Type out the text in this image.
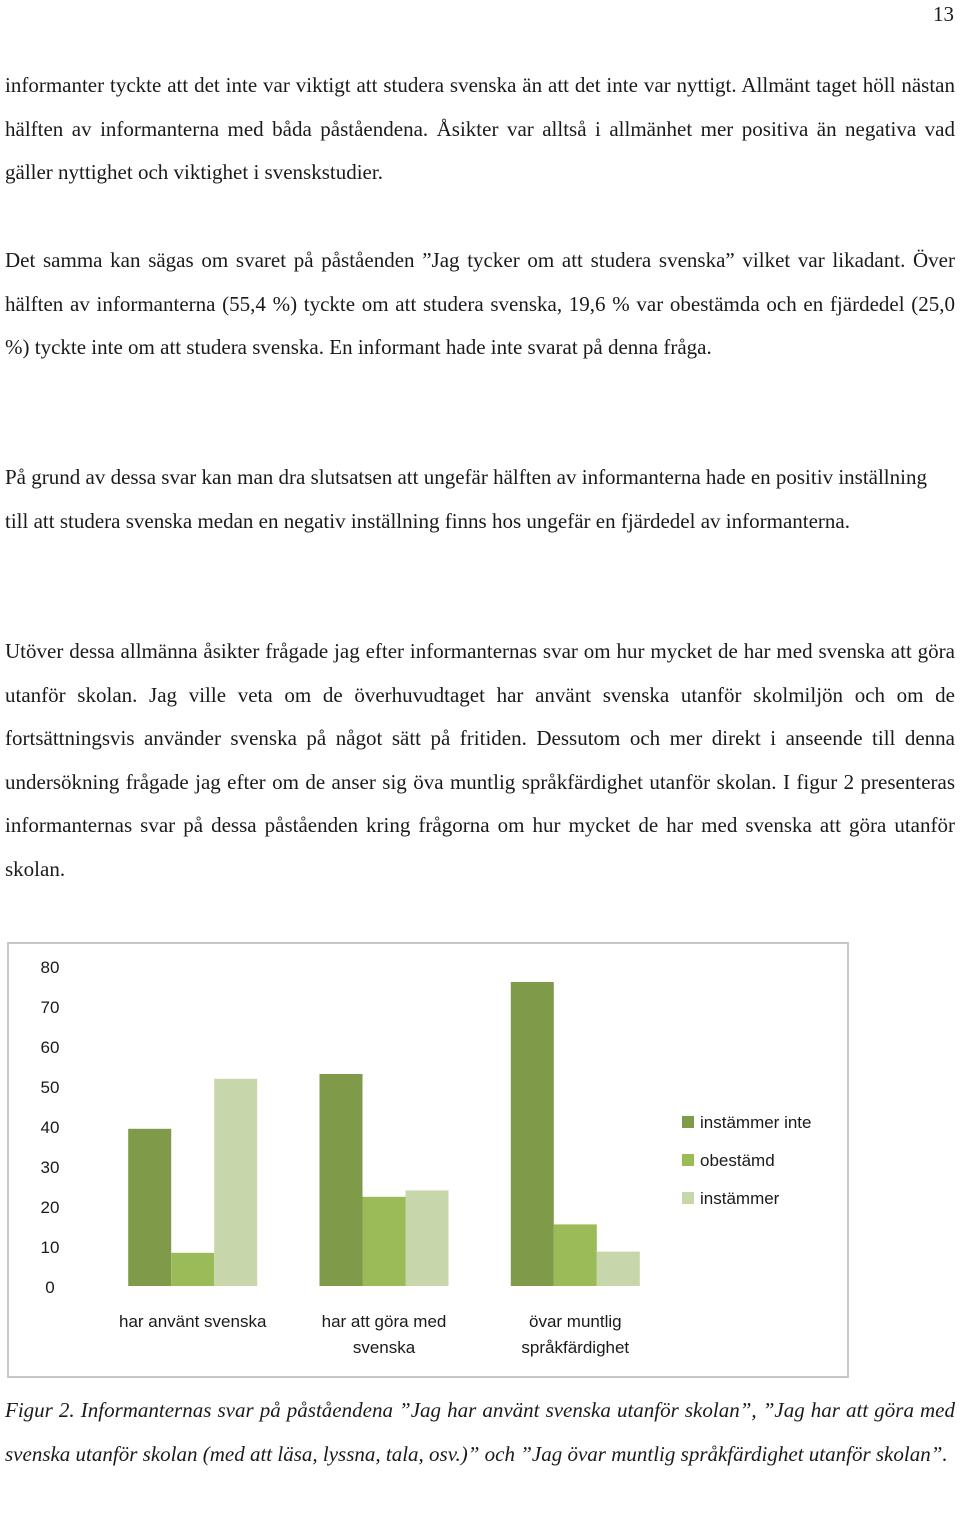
13

informanter tyckte att det inte var viktigt att studera svenska än att det inte var nyttigt. Allmänt taget höll nästan hälften av informanterna med båda påståendena. Åsikter var alltså i allmänhet mer positiva än negativa vad gäller nyttighet och viktighet i svenskstudier.

Det samma kan sägas om svaret på påståenden ”Jag tycker om att studera svenska” vilket var likadant. Över hälften av informanterna (55,4 %) tyckte om att studera svenska, 19,6 % var obestämda och en fjärdedel (25,0 %) tyckte inte om att studera svenska. En informant hade inte svarat på denna fråga.

På grund av dessa svar kan man dra slutsatsen att ungefär hälften av informanterna hade en positiv inställning till att studera svenska medan en negativ inställning finns hos ungefär en fjärdedel av informanterna.

Utöver dessa allmänna åsikter frågade jag efter informanternas svar om hur mycket de har med svenska att göra utanför skolan. Jag ville veta om de överhuvudtaget har använt svenska utanför skolmiljön och om de fortsättningsvis använder svenska på något sätt på fritiden. Dessutom och mer direkt i anseende till denna undersökning frågade jag efter om de anser sig öva muntlig språkfärdighet utanför skolan. I figur 2 presenteras informanternas svar på dessa påståenden kring frågorna om hur mycket de har med svenska att göra utanför skolan.

0
10
20
30
40
50
60
70
80
har använt svenska	har att göra med
svenska
övar muntlig
språkfärdighet
instämmer inte
obestämd
instämmer

Figur 2. Informanternas svar på påståendena ”Jag har använt svenska utanför skolan”, ”Jag har att göra med svenska utanför skolan (med att läsa, lyssna, tala, osv.)” och ”Jag övar muntlig språkfärdighet utanför skolan”.
